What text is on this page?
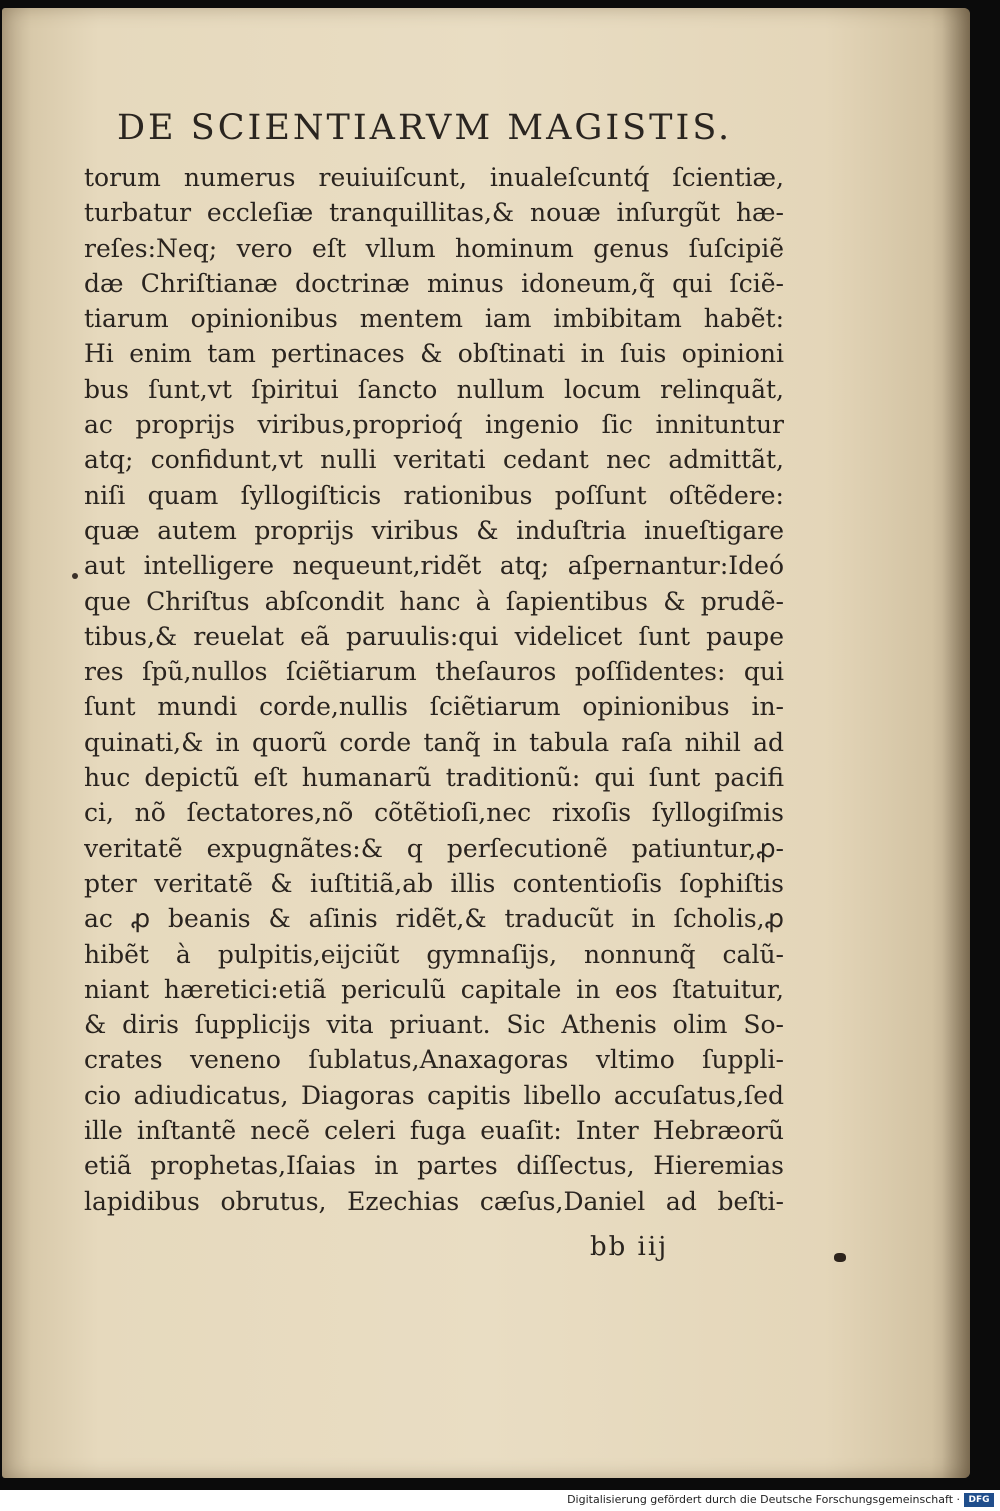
DE SCIENTIARVM MAGISTIS.
torum numerus reuiuiſcunt, inualeſcuntq́ ſcientiæ,
turbatur eccleſiæ tranquillitas,& nouæ inſurgũt hæ-
reſes:Neq; vero eſt vllum hominum genus ſuſcipiẽ
dæ Chriſtianæ doctrinæ minus idoneum,q̃ qui ſciẽ-
tiarum opinionibus mentem iam imbibitam habẽt:
Hi enim tam pertinaces & obſtinati in ſuis opinioni
bus ſunt,vt ſpiritui ſancto nullum locum relinquãt,
ac proprijs viribus,proprioq́ ingenio ſic innituntur
atq; confidunt,vt nulli veritati cedant nec admittãt,
niſi quam ſyllogiſticis rationibus poſſunt oſtẽdere:
quæ autem proprijs viribus & induſtria inueſtigare
aut intelligere nequeunt,ridẽt atq; aſpernantur:Ideó
que Chriſtus abſcondit hanc à ſapientibus & prudẽ-
tibus,& reuelat eã paruulis:qui videlicet ſunt paupe
res ſpũ,nullos ſciẽtiarum theſauros poſſidentes: qui
ſunt mundi corde,nullis ſciẽtiarum opinionibus in-
quinati,& in quorũ corde tanq̃ in tabula raſa nihil ad
huc depictũ eſt humanarũ traditionũ: qui ſunt pacifi
ci, nõ ſectatores,nõ cõtẽtioſi,nec rixoſis ſyllogiſmis
veritatẽ expugnãtes:& q perſecutionẽ patiuntur,ꝓ-
pter veritatẽ & iuſtitiã,ab illis contentioſis ſophiſtis
ac ꝓ beanis & aſinis ridẽt,& traducũt in ſcholis,ꝓ
hibẽt à pulpitis,eijciũt gymnaſijs, nonnunq̃ calũ-
niant hæretici:etiã periculũ capitale in eos ſtatuitur,
& diris ſupplicijs vita priuant. Sic Athenis olim So-
crates veneno ſublatus,Anaxagoras vltimo ſuppli-
cio adiudicatus, Diagoras capitis libello accuſatus,ſed
ille inſtantẽ necẽ celeri fuga euaſit: Inter Hebræorũ
etiã prophetas,Iſaias in partes diſſectus, Hieremias
lapidibus obrutus, Ezechias cæſus,Daniel ad beſti-
bb iij
Digitalisierung gefördert durch die Deutsche Forschungsgemeinschaft · DFG
